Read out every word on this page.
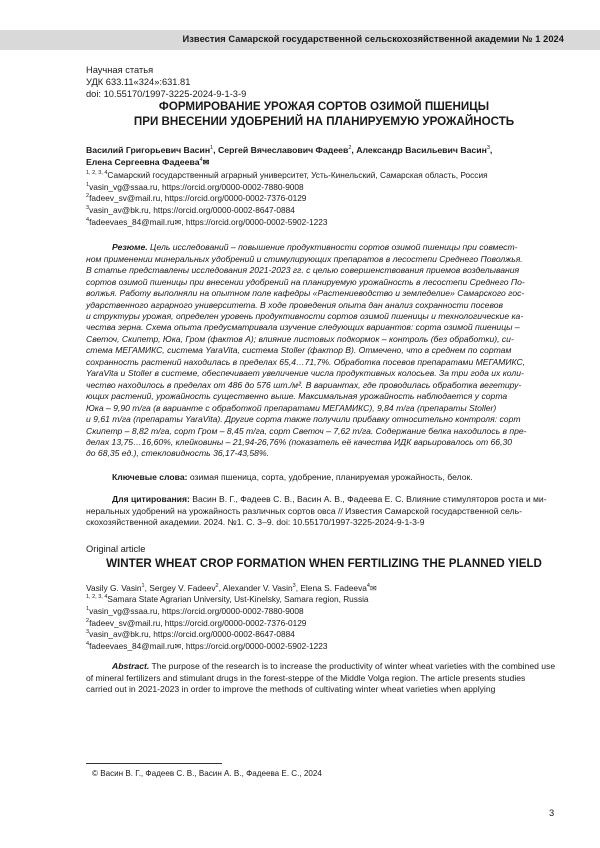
Известия Самарской государственной сельскохозяйственной академии № 1 2024
Научная статья
УДК 633.11«324»:631.81
doi: 10.55170/1997-3225-2024-9-1-3-9
ФОРМИРОВАНИЕ УРОЖАЯ СОРТОВ ОЗИМОЙ ПШЕНИЦЫ
ПРИ ВНЕСЕНИИ УДОБРЕНИЙ НА ПЛАНИРУЕМУЮ УРОЖАЙНОСТЬ
Василий Григорьевич Васин$^1$, Сергей Вячеславович Фадеев$^2$, Александр Васильевич Васин$^3$,
Елена Сергеевна Фадеева$^4$✉
$^{1, 2, 3, 4}$Самарский государственный аграрный университет, Усть-Кинельский, Самарская область, Россия
$^1$vasin_vg@ssaa.ru, https://orcid.org/0000-0002-7880-9008
$^2$fadeev_sv@mail.ru, https://orcid.org/0000-0002-7376-0129
$^3$vasin_av@bk.ru, https://orcid.org/0000-0002-8647-0884
$^4$fadeevaes_84@mail.ru✉, https://orcid.org/0000-0002-5902-1223
Резюме. Цель исследований – повышение продуктивности сортов озимой пшеницы при совмест-
ном применении минеральных удобрений и стимулирующих препаратов в лесостепи Среднего Поволжья.
В статье представлены исследования 2021-2023 гг. с целью совершенствования приемов возделывания
сортов озимой пшеницы при внесении удобрений на планируемую урожайность в лесостепи Среднего По-
волжья. Работу выполняли на опытном поле кафедры «Растениеводство и земледелие» Самарского гос-
ударственного аграрного университета. В ходе проведения опыта дан анализ сохранности посевов
и структуры урожая, определен уровень продуктивности сортов озимой пшеницы и технологические ка-
чества зерна. Схема опыта предусматривала изучение следующих вариантов: сорта озимой пшеницы –
Светоч, Скипетр, Юка, Гром (фактов А); влияние листовых подкормок – контроль (без обработки), си-
стема МЕГАМИКС, система YaraVita, система Stoller (фактор В). Отмечено, что в среднем по сортам
сохранность растений находилась в пределах 65,4…71,7%. Обработка посевов препаратами МЕГАМИКС,
YaraVita и Stoller в системе, обеспечивает увеличение числа продуктивных колосьев. За три года их коли-
чество находилось в пределах от 486 до 576 шт./м². В вариантах, где проводилась обработка вегетиру-
ющих растений, урожайность существенно выше. Максимальная урожайность наблюдается у сорта
Юка – 9,90 т/га (в варианте с обработкой препаратами МЕГАМИКС), 9,84 т/га (препараты Stoller)
и 9,61 т/га (препараты YaraVita). Другие сорта также получили прибавку относительно контроля: сорт
Скипетр – 8,82 т/га, сорт Гром – 8,45 т/га, сорт Светоч – 7,62 т/га. Содержание белка находилось в пре-
делах 13,75…16,60%, клейковины – 21,94-26,76% (показатель её качества ИДК варьировалось от 66,30
до 68,35 ед.), стекловидность 36,17-43,58%.
Ключевые слова: озимая пшеница, сорта, удобрение, планируемая урожайность, белок.
Для цитирования: Васин В. Г., Фадеев С. В., Васин А. В., Фадеева Е. С. Влияние стимуляторов роста и ми-
неральных удобрений на урожайность различных сортов овса // Известия Самарской государственной сель-
скохозяйственной академии. 2024. №1. С. 3–9. doi: 10.55170/1997-3225-2024-9-1-3-9
Original article
WINTER WHEAT CROP FORMATION WHEN FERTILIZING THE PLANNED YIELD
Vasily G. Vasin$^1$, Sergey V. Fadeev$^2$, Alexander V. Vasin$^3$, Elena S. Fadeeva$^4$✉
$^{1, 2, 3, 4}$Samara State Agrarian University, Ust-Kinelsky, Samara region, Russia
$^1$vasin_vg@ssaa.ru, https://orcid.org/0000-0002-7880-9008
$^2$fadeev_sv@mail.ru, https://orcid.org/0000-0002-7376-0129
$^3$vasin_av@bk.ru, https://orcid.org/0000-0002-8647-0884
$^4$fadeevaes_84@mail.ru✉, https://orcid.org/0000-0002-5902-1223
Abstract. The purpose of the research is to increase the productivity of winter wheat varieties with the combined use
of mineral fertilizers and stimulant drugs in the forest-steppe of the Middle Volga region. The article presents studies
carried out in 2021-2023 in order to improve the methods of cultivating winter wheat varieties when applying
© Васин В. Г., Фадеев С. В., Васин А. В., Фадеева Е. С., 2024
3
